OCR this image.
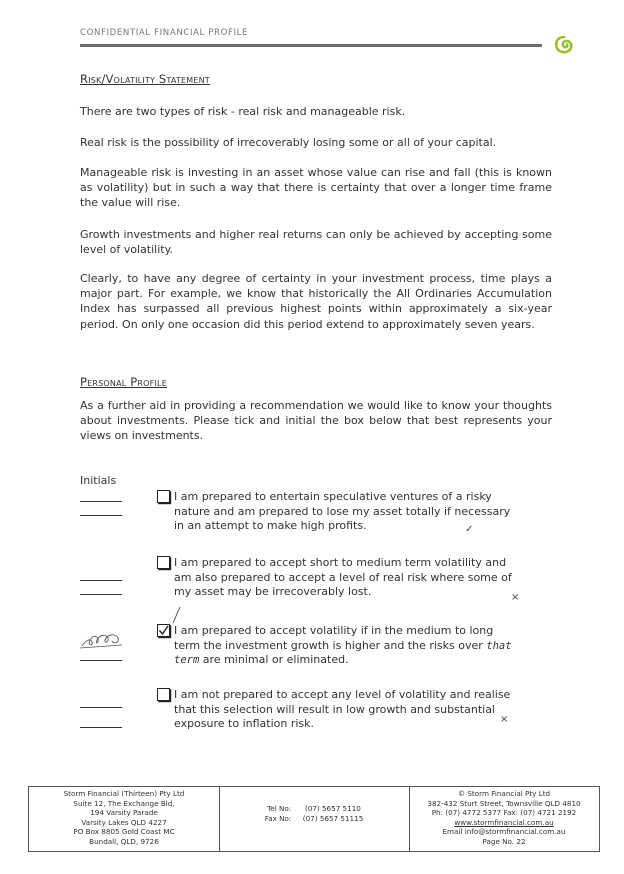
CONFIDENTIAL FINANCIAL PROFILE
Risk/Volatility Statement
There are two types of risk - real risk and manageable risk.
Real risk is the possibility of irrecoverably losing some or all of your capital.
Manageable risk is investing in an asset whose value can rise and fall (this is known as volatility) but in such a way that there is certainty that over a longer time frame the value will rise.
Growth investments and higher real returns can only be achieved by accepting some level of volatility.
Clearly, to have any degree of certainty in your investment process, time plays a major part. For example, we know that historically the All Ordinaries Accumulation Index has surpassed all previous highest points within approximately a six-year period. On only one occasion did this period extend to approximately seven years.
Personal Profile
As a further aid in providing a recommendation we would like to know your thoughts about investments. Please tick and initial the box below that best represents your views on investments.
Initials
I am prepared to entertain speculative ventures of a risky nature and am prepared to lose my asset totally if necessary in an attempt to make high profits.	✓
I am prepared to accept short to medium term volatility and am also prepared to accept a level of real risk where some of my asset may be irrecoverably lost.	×
I am prepared to accept volatility if in the medium to long term the investment growth is higher and the risks over that term are minimal or eliminated.
I am not prepared to accept any level of volatility and realise that this selection will result in low growth and substantial exposure to inflation risk.	×
Storm Financial (Thirteen) Pty Ltd
Suite 12, The Exchange Bld,
194 Varsity Parade
Varsity Lakes QLD 4227
PO Box 8805 Gold Coast MC
Bundall, QLD, 9726
Tel No: (07) 5657 5110
Fax No: (07) 5657 51115
© Storm Financial Pty Ltd
382-432 Sturt Street, Townsville QLD 4810
Ph: (07) 4772 5377 Fax: (07) 4721 2192
www.stormfinancial.com.au
Email info@stormfinancial.com.au
Page No. 22
